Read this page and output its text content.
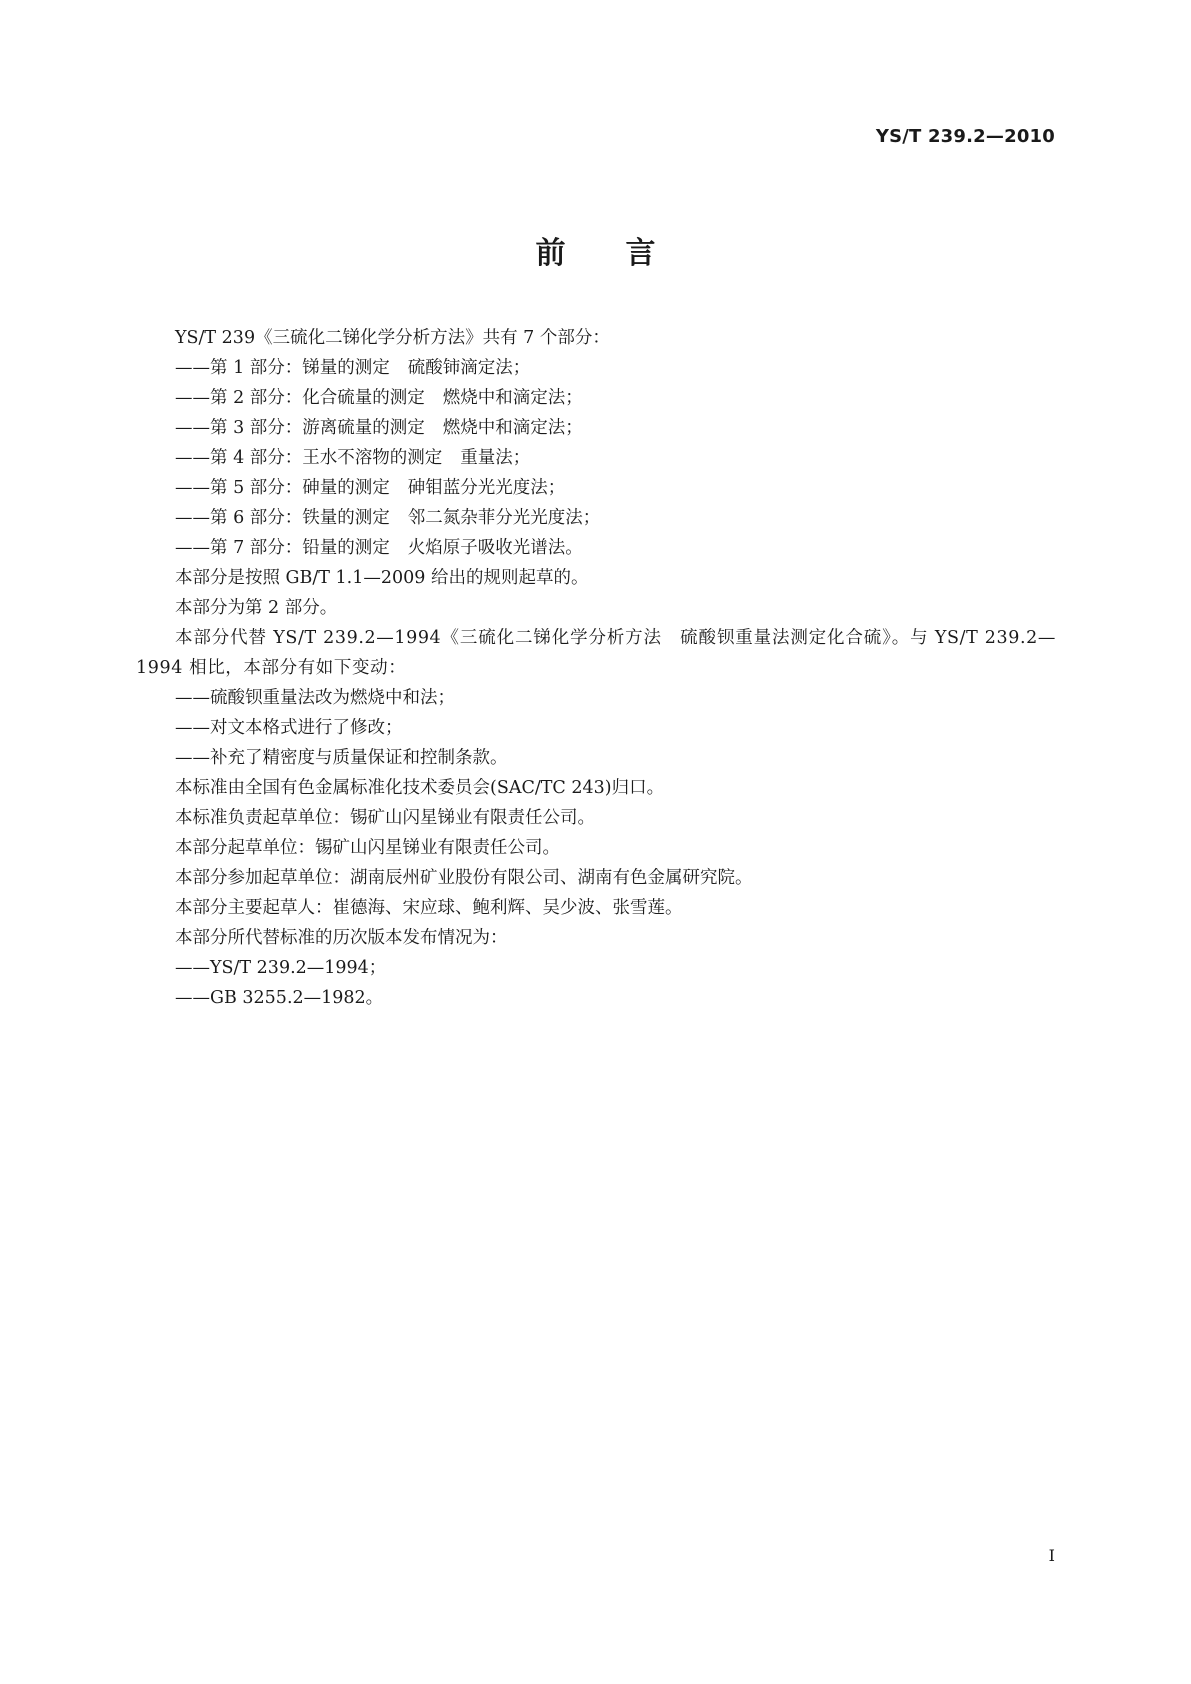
YS/T 239.2—2010
前言

YS/T 239《三硫化二锑化学分析方法》共有 7 个部分：

——第 1 部分：锑量的测定 硫酸铈滴定法；

——第 2 部分：化合硫量的测定 燃烧中和滴定法；

——第 3 部分：游离硫量的测定 燃烧中和滴定法；

——第 4 部分：王水不溶物的测定 重量法；

——第 5 部分：砷量的测定 砷钼蓝分光光度法；

——第 6 部分：铁量的测定 邻二氮杂菲分光光度法；

——第 7 部分：铅量的测定 火焰原子吸收光谱法。

本部分是按照 GB/T 1.1—2009 给出的规则起草的。

本部分为第 2 部分。

本部分代替 YS/T 239.2—1994《三硫化二锑化学分析方法 硫酸钡重量法测定化合硫》。与 YS/T 239.2—1994 相比，本部分有如下变动：

——硫酸钡重量法改为燃烧中和法；

——对文本格式进行了修改；

——补充了精密度与质量保证和控制条款。

本标准由全国有色金属标准化技术委员会(SAC/TC 243)归口。

本标准负责起草单位：锡矿山闪星锑业有限责任公司。

本部分起草单位：锡矿山闪星锑业有限责任公司。

本部分参加起草单位：湖南辰州矿业股份有限公司、湖南有色金属研究院。

本部分主要起草人：崔德海、宋应球、鲍利辉、吴少波、张雪莲。

本部分所代替标准的历次版本发布情况为：

——YS/T 239.2—1994；

——GB 3255.2—1982。

I
